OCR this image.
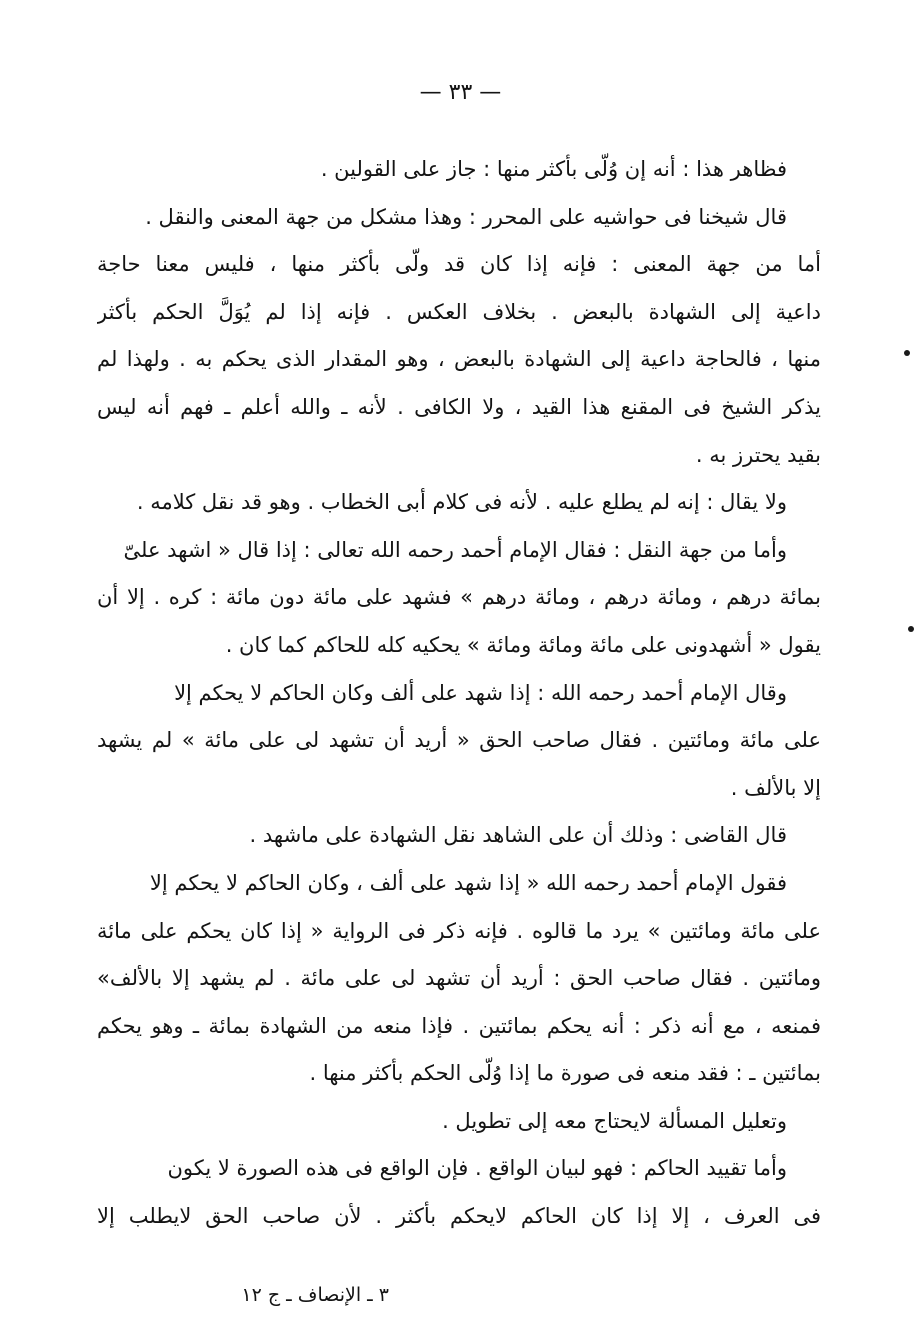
— ٣٣ —
فظاهر هذا : أنه إن وُلّى بأكثر منها : جاز على القولين .
قال شيخنا فى حواشيه على المحرر : وهذا مشكل من جهة المعنى والنقل .
أما من جهة المعنى : فإنه إذا كان قد ولّى بأكثر منها ، فليس معنا حاجة
داعية إلى الشهادة بالبعض . بخلاف العكس . فإنه إذا لم يُوَلَّ الحكم بأكثر
منها ، فالحاجة داعية إلى الشهادة بالبعض ، وهو المقدار الذى يحكم به . ولهذا لم
يذكر الشيخ فى المقنع هذا القيد ، ولا الكافى . لأنه ـ والله أعلم ـ فهم أنه ليس
بقيد يحترز به .
ولا يقال : إنه لم يطلع عليه . لأنه فى كلام أبى الخطاب . وهو قد نقل كلامه .
وأما من جهة النقل : فقال الإمام أحمد رحمه الله تعالى : إذا قال « اشهد علىّ
بمائة درهم ، ومائة درهم ، ومائة درهم » فشهد على مائة دون مائة : كره . إلا أن
يقول « أشهدونى على مائة ومائة ومائة » يحكيه كله للحاكم كما كان .
وقال الإمام أحمد رحمه الله : إذا شهد على ألف وكان الحاكم لا يحكم إلا
على مائة ومائتين . فقال صاحب الحق « أريد أن تشهد لى على مائة » لم يشهد
إلا بالألف .
قال القاضى : وذلك أن على الشاهد نقل الشهادة على ماشهد .
فقول الإمام أحمد رحمه الله « إذا شهد على ألف ، وكان الحاكم لا يحكم إلا
على مائة ومائتين » يرد ما قالوه . فإنه ذكر فى الرواية « إذا كان يحكم على مائة
ومائتين . فقال صاحب الحق : أريد أن تشهد لى على مائة . لم يشهد إلا بالألف»
فمنعه ، مع أنه ذكر : أنه يحكم بمائتين . فإذا منعه من الشهادة بمائة ـ وهو يحكم
بمائتين ـ : فقد منعه فى صورة ما إذا وُلّى الحكم بأكثر منها .
وتعليل المسألة لايحتاج معه إلى تطويل .
وأما تقييد الحاكم : فهو لبيان الواقع . فإن الواقع فى هذه الصورة لا يكون
فى العرف ، إلا إذا كان الحاكم لايحكم بأكثر . لأن صاحب الحق لايطلب إلا
٣ ـ الإنصاف ـ ج ١٢
